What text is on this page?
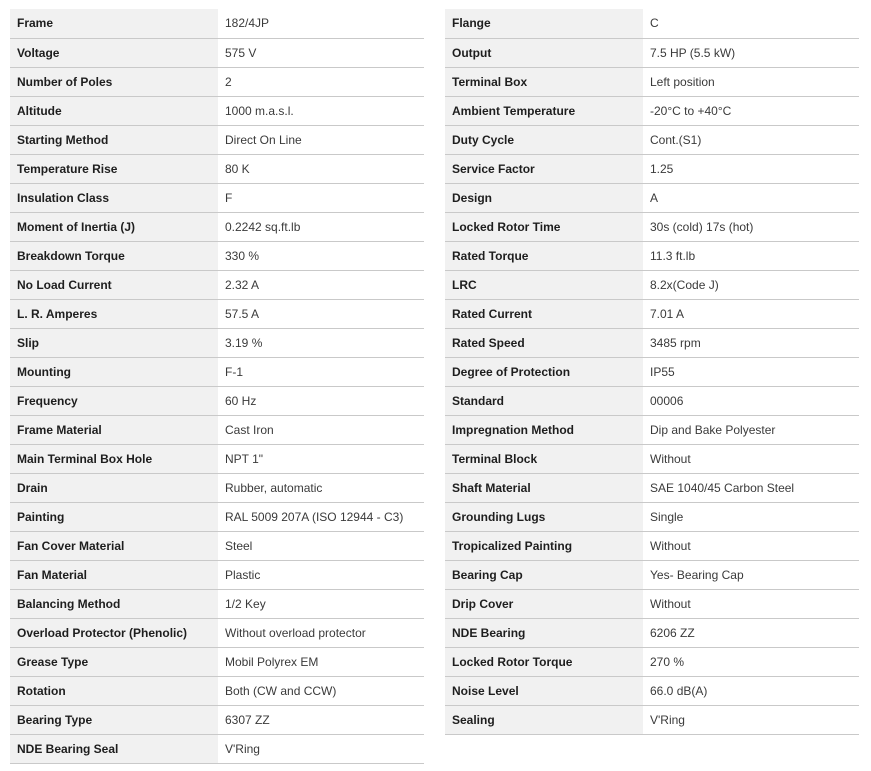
Frame	182/4JP
Voltage	575 V
Number of Poles	2
Altitude	1000 m.a.s.l.
Starting Method	Direct On Line
Temperature Rise	80 K
Insulation Class	F
Moment of Inertia (J)	0.2242 sq.ft.lb
Breakdown Torque	330 %
No Load Current	2.32 A
L. R. Amperes	57.5 A
Slip	3.19 %
Mounting	F-1
Frequency	60 Hz
Frame Material	Cast Iron
Main Terminal Box Hole	NPT 1"
Drain	Rubber, automatic
Painting	RAL 5009 207A (ISO 12944 - C3)
Fan Cover Material	Steel
Fan Material	Plastic
Balancing Method	1/2 Key
Overload Protector (Phenolic)	Without overload protector
Grease Type	Mobil Polyrex EM
Rotation	Both (CW and CCW)
Bearing Type	6307 ZZ
NDE Bearing Seal	V'Ring
Flange	C
Output	7.5 HP (5.5 kW)
Terminal Box	Left position
Ambient Temperature	-20°C to +40°C
Duty Cycle	Cont.(S1)
Service Factor	1.25
Design	A
Locked Rotor Time	30s (cold) 17s (hot)
Rated Torque	11.3 ft.lb
LRC	8.2x(Code J)
Rated Current	7.01 A
Rated Speed	3485 rpm
Degree of Protection	IP55
Standard	00006
Impregnation Method	Dip and Bake Polyester
Terminal Block	Without
Shaft Material	SAE 1040/45 Carbon Steel
Grounding Lugs	Single
Tropicalized Painting	Without
Bearing Cap	Yes- Bearing Cap
Drip Cover	Without
NDE Bearing	6206 ZZ
Locked Rotor Torque	270 %
Noise Level	66.0 dB(A)
Sealing	V'Ring
